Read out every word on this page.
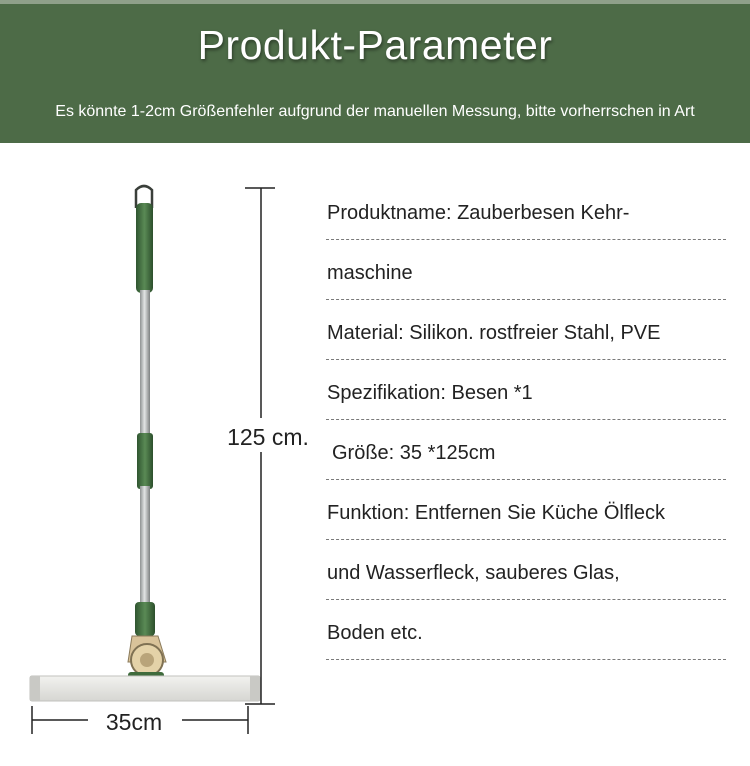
Produkt-Parameter
Es könnte 1-2cm Größenfehler aufgrund der manuellen Messung, bitte vorherrschen in Art
125 cm.
35cm
Produktname: Zauberbesen Kehr-
maschine
Material: Silikon. rostfreier Stahl, PVE
Spezifikation: Besen *1
Größe: 35 *125cm
Funktion: Entfernen Sie Küche Ölfleck
und Wasserfleck, sauberes Glas,
Boden etc.
